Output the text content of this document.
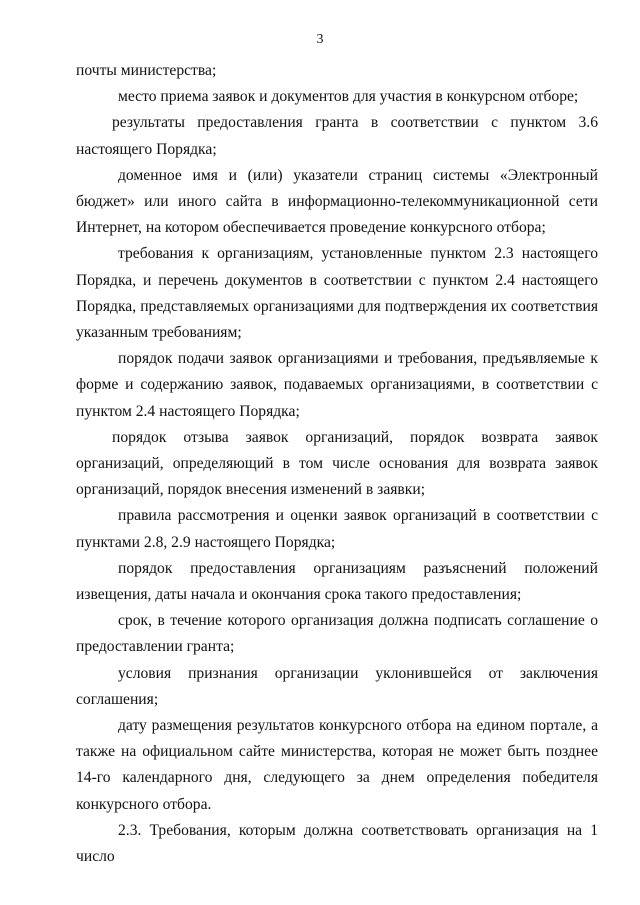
3

почты министерства;

место приема заявок и документов для участия в конкурсном отборе;

результаты предоставления гранта в соответствии с пунктом 3.6 настоящего Порядка;

доменное имя и (или) указатели страниц системы «Электронный бюджет» или иного сайта в информационно-телекоммуникационной сети Интернет, на котором обеспечивается проведение конкурсного отбора;

требования к организациям, установленные пунктом 2.3 настоящего Порядка, и перечень документов в соответствии с пунктом 2.4 настоящего Порядка, представляемых организациями для подтверждения их соответствия указанным требованиям;

порядок подачи заявок организациями и требования, предъявляемые к форме и содержанию заявок, подаваемых организациями, в соответствии с пунктом 2.4 настоящего Порядка;

порядок отзыва заявок организаций, порядок возврата заявок организаций, определяющий в том числе основания для возврата заявок организаций, порядок внесения изменений в заявки;

правила рассмотрения и оценки заявок организаций в соответствии с пунктами 2.8, 2.9 настоящего Порядка;

порядок предоставления организациям разъяснений положений извещения, даты начала и окончания срока такого предоставления;

срок, в течение которого организация должна подписать соглашение о предоставлении гранта;

условия признания организации уклонившейся от заключения соглашения;

дату размещения результатов конкурсного отбора на едином портале, а также на официальном сайте министерства, которая не может быть позднее 14-го календарного дня, следующего за днем определения победителя конкурсного отбора.

2.3. Требования, которым должна соответствовать организация на 1 число
